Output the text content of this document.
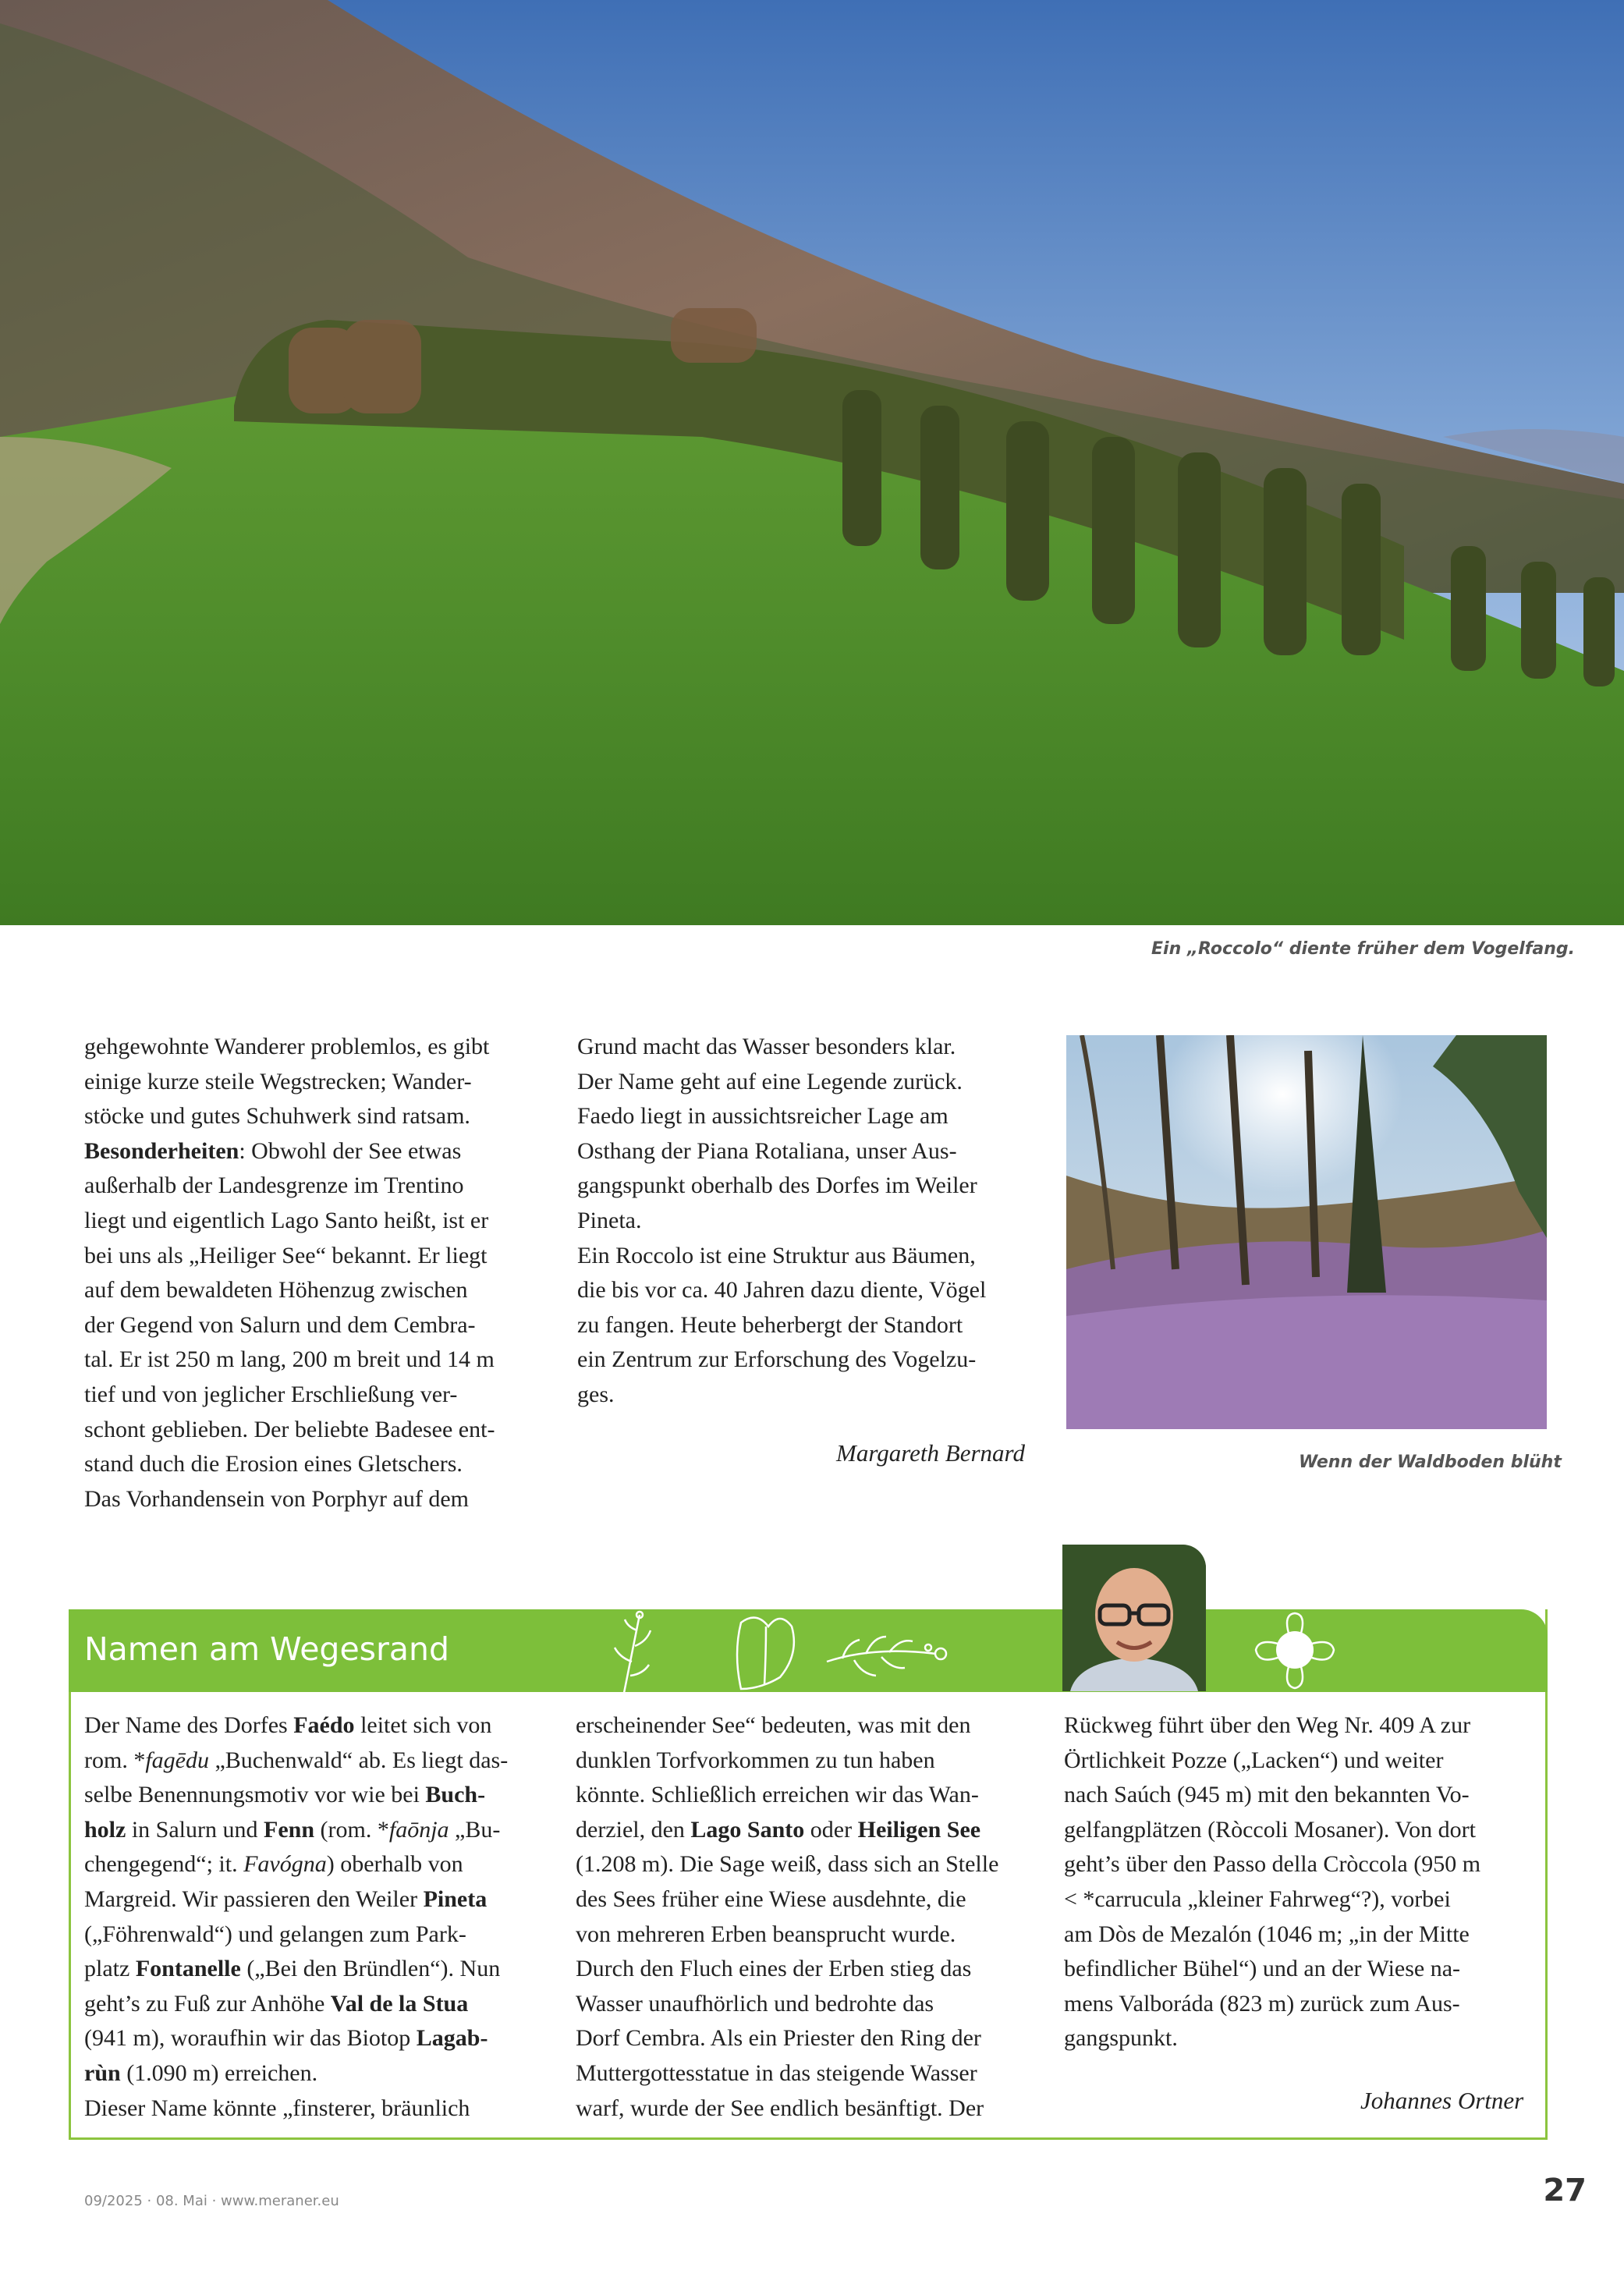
Ein „Roccolo“ diente früher dem Vogelfang.

gehgewohnte Wanderer problemlos, es gibt

einige kurze steile Wegstrecken; Wander-

stöcke und gutes Schuhwerk sind ratsam.

Besonderheiten: Obwohl der See etwas

außerhalb der Landesgrenze im Trentino

liegt und eigentlich Lago Santo heißt, ist er

bei uns als „Heiliger See“ bekannt. Er liegt

auf dem bewaldeten Höhenzug zwischen

der Gegend von Salurn und dem Cembra-

tal. Er ist 250 m lang, 200 m breit und 14 m

tief und von jeglicher Erschließung ver-

schont geblieben. Der beliebte Badesee ent-

stand duch die Erosion eines Gletschers.

Das Vorhandensein von Porphyr auf dem

Grund macht das Wasser besonders klar.

Der Name geht auf eine Legende zurück.

Faedo liegt in aussichtsreicher Lage am

Osthang der Piana Rotaliana, unser Aus-

gangspunkt oberhalb des Dorfes im Weiler

Pineta.

Ein Roccolo ist eine Struktur aus Bäumen,

die bis vor ca. 40 Jahren dazu diente, Vögel

zu fangen. Heute beherbergt der Standort

ein Zentrum zur Erforschung des Vogelzu-

ges.

Margareth Bernard	Wenn der Waldboden blüht
Namen am Wegesrand

Der Name des Dorfes Faédo leitet sich von

rom. *fagēdu „Buchenwald“ ab. Es liegt das-

selbe Benennungsmotiv vor wie bei Buch-

holz in Salurn und Fenn (rom. *faōnja „Bu-

chengegend“; it. Favógna) oberhalb von

Margreid. Wir passieren den Weiler Pineta

(„Föhrenwald“) und gelangen zum Park-

platz Fontanelle („Bei den Bründlen“). Nun

geht’s zu Fuß zur Anhöhe Val de la Stua

(941 m), woraufhin wir das Biotop Lagab-

rùn (1.090 m) erreichen.

Dieser Name könnte „finsterer, bräunlich

erscheinender See“ bedeuten, was mit den

dunklen Torfvorkommen zu tun haben

könnte. Schließlich erreichen wir das Wan-

derziel, den Lago Santo oder Heiligen See

(1.208 m). Die Sage weiß, dass sich an Stelle

des Sees früher eine Wiese ausdehnte, die

von mehreren Erben beansprucht wurde.

Durch den Fluch eines der Erben stieg das

Wasser unaufhörlich und bedrohte das

Dorf Cembra. Als ein Priester den Ring der

Muttergottesstatue in das steigende Wasser

warf, wurde der See endlich besänftigt. Der

Rückweg führt über den Weg Nr. 409 A zur

Örtlichkeit Pozze („Lacken“) und weiter

nach Saúch (945 m) mit den bekannten Vo-

gelfangplätzen (Ròccoli Mosaner). Von dort

geht’s über den Passo della Cròccola (950 m

< *carrucula „kleiner Fahrweg“?), vorbei

am Dòs de Mezalón (1046 m; „in der Mitte

befindlicher Bühel“) und an der Wiese na-

mens Valboráda (823 m) zurück zum Aus-

gangspunkt.

Johannes Ortner
09/2025 · 08. Mai · www.meraner.eu	27
